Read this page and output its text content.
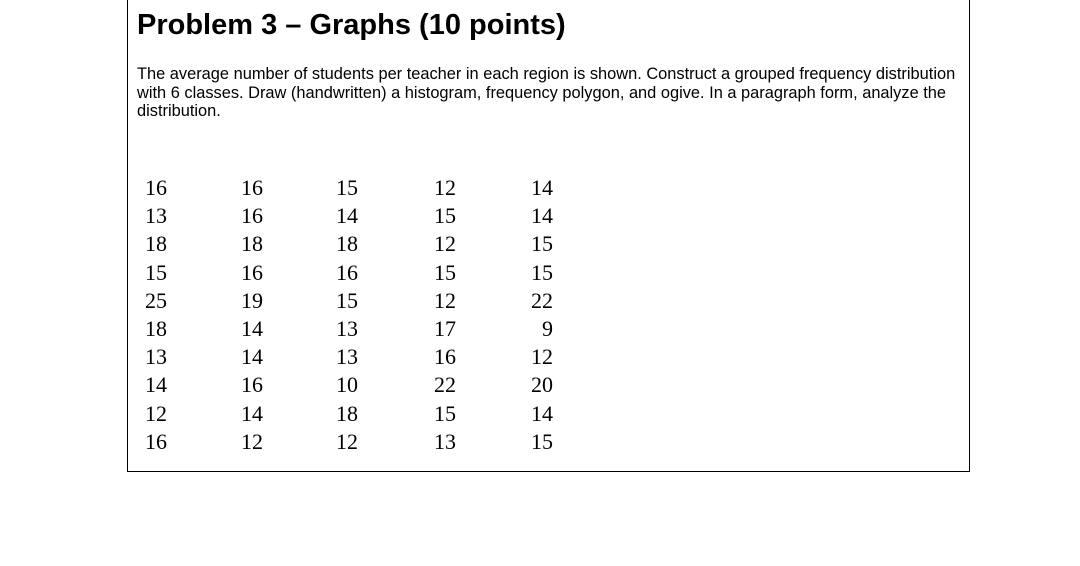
Problem 3 – Graphs (10 points)

The average number of students per teacher in each region is shown. Construct a grouped frequency distribution with 6 classes. Draw (handwritten) a histogram, frequency polygon, and ogive. In a paragraph form, analyze the distribution.

16	16	15	12	14
13	16	14	15	14
18	18	18	12	15
15	16	16	15	15
25	19	15	12	22
18	14	13	17	9
13	14	13	16	12
14	16	10	22	20
12	14	18	15	14
16	12	12	13	15
